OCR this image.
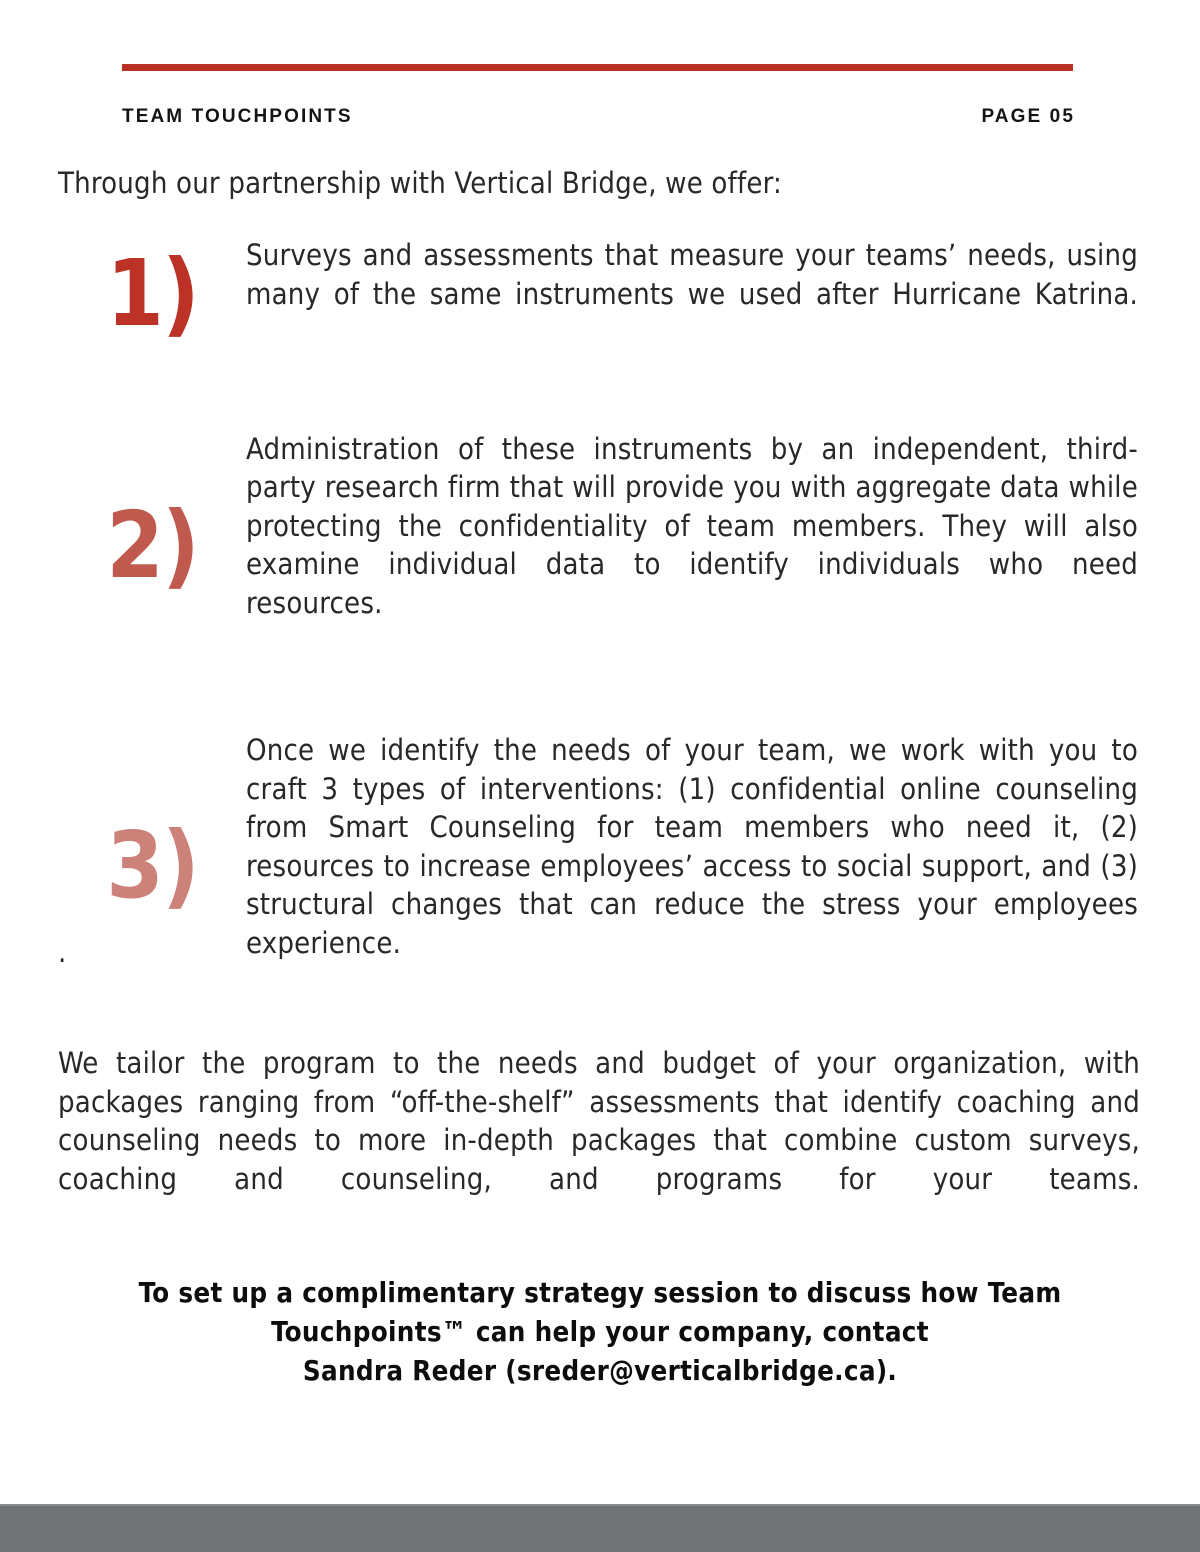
TEAM TOUCHPOINTS	PAGE 05
Through our partnership with Vertical Bridge, we offer:
1) Surveys and assessments that measure your teams’ needs, using many of the same instruments we used after Hurricane Katrina.
2)
Administration of these instruments by an independent, third-party research firm that will provide you with aggregate data while protecting the confidentiality of team members. They will also examine individual data to identify individuals who need resources.
3)
Once we identify the needs of your team, we work with you to craft 3 types of interventions: (1) confidential online counseling from Smart Counseling for team members who need it, (2) resources to increase employees’ access to social support, and (3) structural changes that can reduce the stress your employees experience.
.
We tailor the program to the needs and budget of your organization, with packages ranging from “off-the-shelf” assessments that identify coaching and counseling needs to more in-depth packages that combine custom surveys, coaching and counseling, and programs for your teams.
To set up a complimentary strategy session to discuss how Team
Touchpoints™ can help your company, contact
Sandra Reder (sreder@verticalbridge.ca).
